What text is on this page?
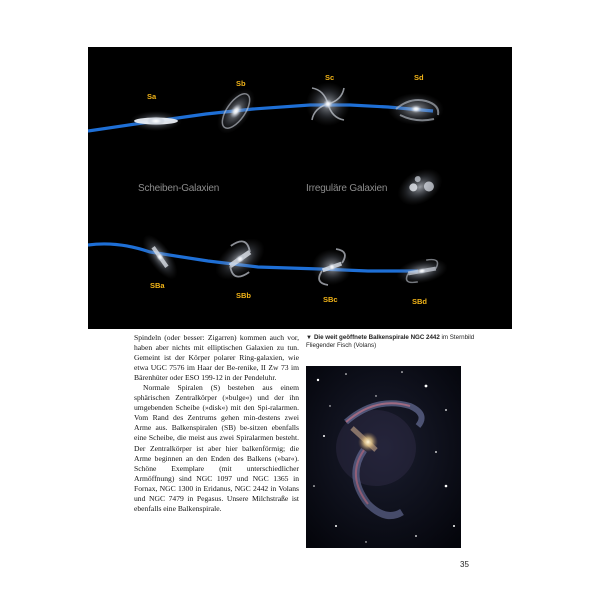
Sa
Sb
Sc	Sd
SBa
SBb	SBc	SBd
Scheiben-Galaxien	Irreguläre Galaxien

Spindeln (oder besser: Zigarren) kommen auch vor, haben aber nichts mit elliptischen Galaxien zu tun. Gemeint ist der Körper polarer Ring-galaxien, wie etwa UGC 7576 im Haar der Be-renike, II Zw 73 im Bärenhüter oder ESO 199-12 in der Pendeluhr.

Normale Spiralen (S) bestehen aus einem sphärischen Zentralkörper (»bulge«) und der ihn umgebenden Scheibe (»disk«) mit den Spi-ralarmen. Vom Rand des Zentrums gehen min-destens zwei Arme aus. Balkenspiralen (SB) be-sitzen ebenfalls eine Scheibe, die meist aus zwei Spiralarmen besteht. Der Zentralkörper ist aber hier balkenförmig; die Arme beginnen an den Enden des Balkens (»bar«). Schöne Exemplare (mit unterschiedlicher Armöffnung) sind NGC 1097 und NGC 1365 in Fornax, NGC 1300 in Eridanus, NGC 2442 in Volans und NGC 7479 in Pegasus. Unsere Milchstraße ist ebenfalls eine Balkenspirale.

▼ Die weit geöffnete Balkenspirale NGC 2442 im Sternbild Fliegender Fisch (Volans)
35
